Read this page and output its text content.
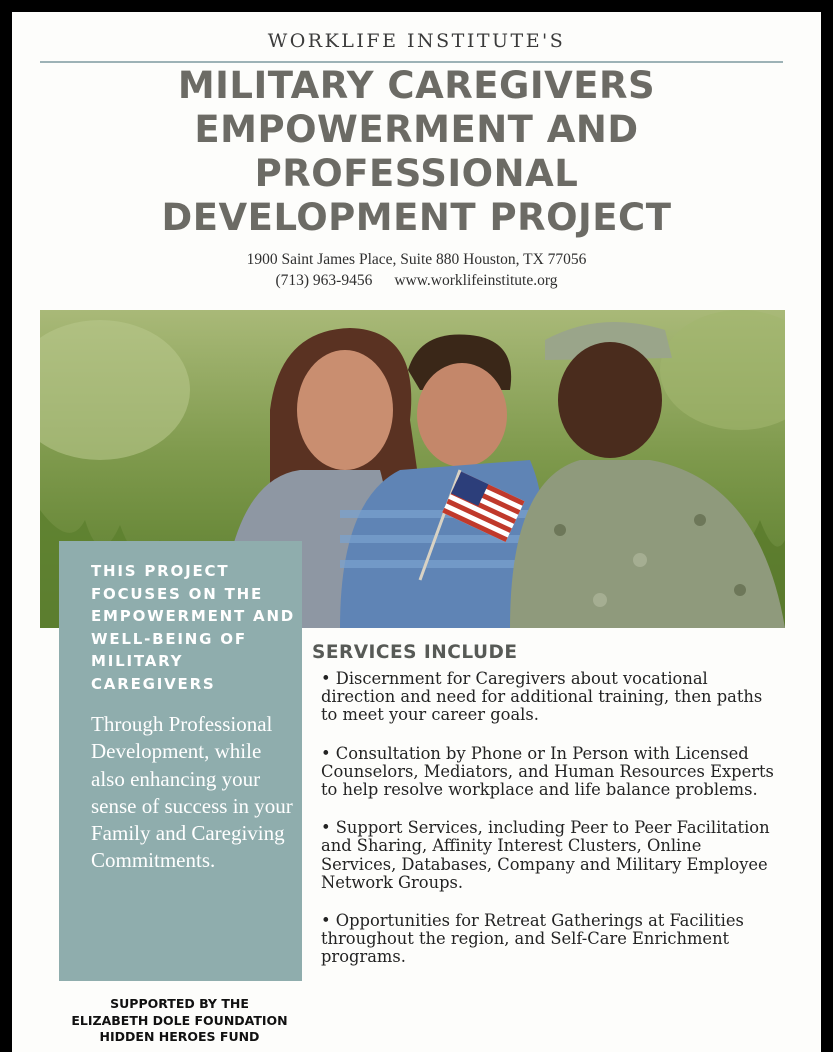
WORKLIFE INSTITUTE'S
MILITARY CAREGIVERS
EMPOWERMENT AND
PROFESSIONAL
DEVELOPMENT PROJECT
1900 Saint James Place, Suite 880 Houston, TX 77056
(713) 963-9456 www.worklifeinstitute.org
THIS PROJECT FOCUSES ON THE EMPOWERMENT AND WELL-BEING OF MILITARY CAREGIVERS
Through Professional Development, while also enhancing your sense of success in your Family and Caregiving Commitments.
SERVICES INCLUDE
• Discernment for Caregivers about vocational direction and need for additional training, then paths to meet your career goals.
• Consultation by Phone or In Person with Licensed Counselors, Mediators, and Human Resources Experts to help resolve workplace and life balance problems.
• Support Services, including Peer to Peer Facilitation and Sharing, Affinity Interest Clusters, Online Services, Databases, Company and Military Employee Network Groups.
• Opportunities for Retreat Gatherings at Facilities throughout the region, and Self-Care Enrichment programs.
SUPPORTED BY THE
ELIZABETH DOLE FOUNDATION
HIDDEN HEROES FUND
